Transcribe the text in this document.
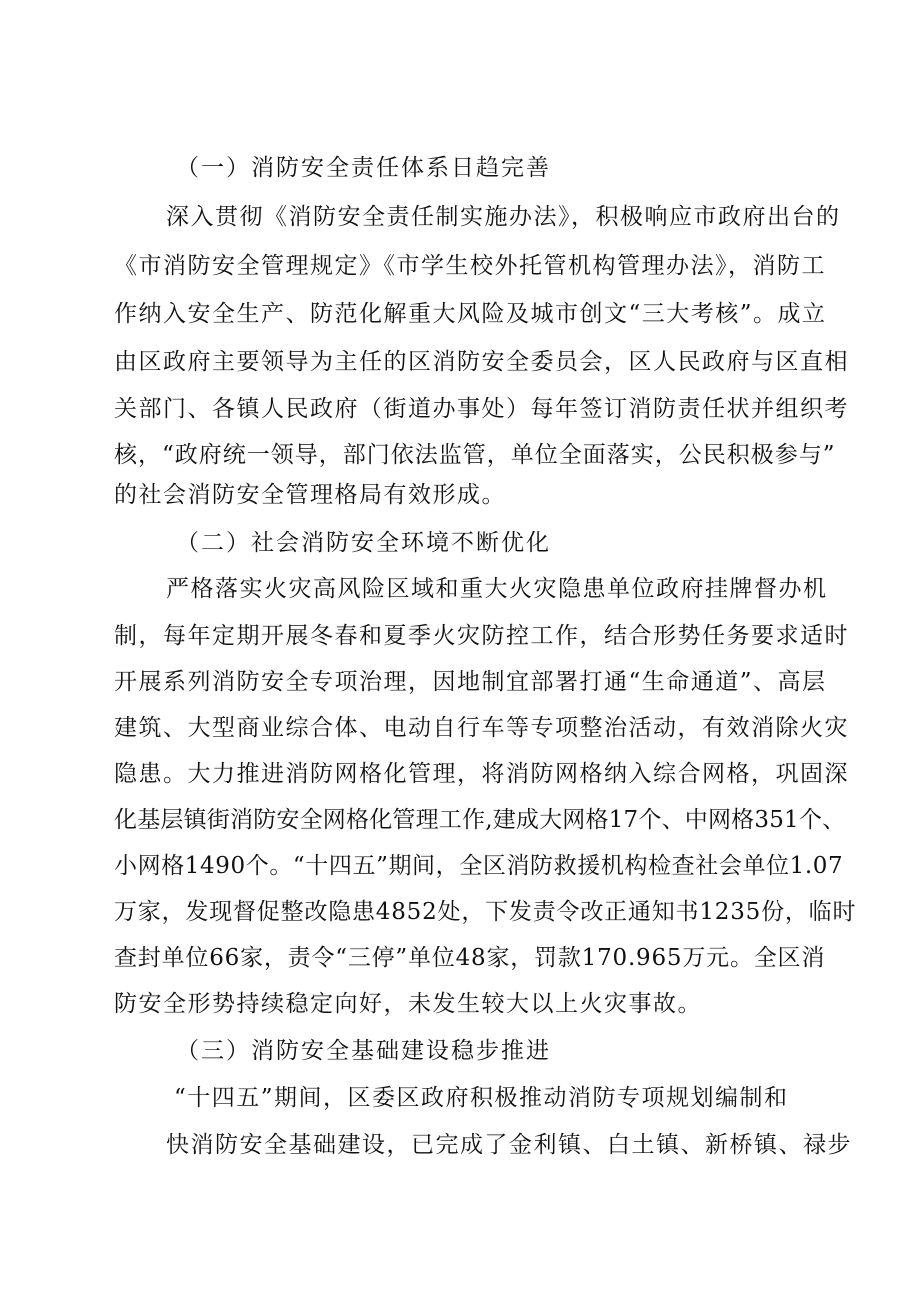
（一）消防安全责任体系日趋完善
深入贯彻《消防安全责任制实施办法》，积极响应市政府出台的
《市消防安全管理规定》《市学生校外托管机构管理办法》，消防工
作纳入安全生产、防范化解重大风险及城市创文“三大考核”。成立
由区政府主要领导为主任的区消防安全委员会，区人民政府与区直相
关部门、各镇人民政府（街道办事处）每年签订消防责任状并组织考
核，“政府统一领导，部门依法监管，单位全面落实，公民积极参与”
的社会消防安全管理格局有效形成。
（二）社会消防安全环境不断优化
严格落实火灾高风险区域和重大火灾隐患单位政府挂牌督办机
制，每年定期开展冬春和夏季火灾防控工作，结合形势任务要求适时
开展系列消防安全专项治理，因地制宜部署打通“生命通道”、高层
建筑、大型商业综合体、电动自行车等专项整治活动，有效消除火灾
隐患。大力推进消防网格化管理，将消防网格纳入综合网格，巩固深
化基层镇街消防安全网格化管理工作,建成大网格17个、中网格351个、
小网格1490个。“十四五”期间，全区消防救援机构检查社会单位1.07
万家，发现督促整改隐患4852处，下发责令改正通知书1235份，临时
查封单位66家，责令“三停”单位48家，罚款170.965万元。全区消
防安全形势持续稳定向好，未发生较大以上火灾事故。
（三）消防安全基础建设稳步推进
“十四五”期间，区委区政府积极推动消防专项规划编制和
快消防安全基础建设，已完成了金利镇、白土镇、新桥镇、禄步
